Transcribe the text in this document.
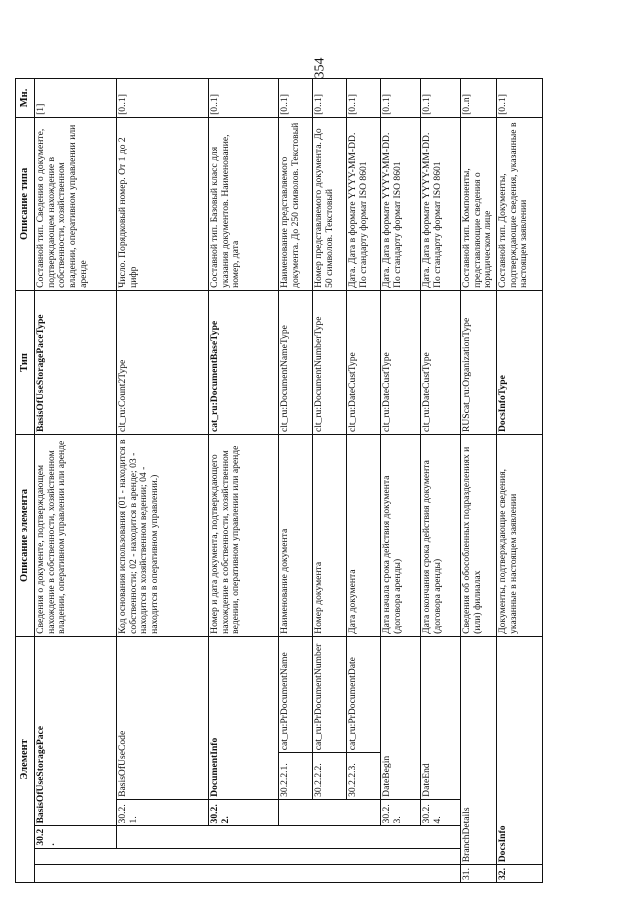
354
Элемент						Описание элемента	Тип	Описание типа	Мн.
		30.2.	BasisOfUseStoragePace			Сведения о документе, подтверждающем нахождение в собственности, хозяйственном владении, оперативном управлении или аренде	BasisOfUseStoragePaceType	Составной тип. Сведения о документе, подтверждающем нахождение в собственности, хозяйственном владении, оперативном управлении или аренде	[1]
			30.2.1.	BasisOfUseCode		Код основания использования (01 - находится в собственности; 02 - находится в аренде; 03 - находится в хозяйственном ведении; 04 - находится в оперативном управлении.)	clt_ru:Count2Type	Число. Порядковый номер. От 1 до 2 цифр	[0..1]
			30.2.2.	DocumentInfo		Номер и дата документа, подтверждающего нахождение в собственности, хозяйственном ведении, оперативном управлении или аренде	cat_ru:DocumentBaseType	Составной тип. Базовый класс для указания документов. Наименование, номер, дата	[0..1]
				30.2.2.1.	cat_ru:PrDocumentName	Наименование документа	clt_ru:DocumentNameType	Наименование представляемого документа. До 250 символов. Текстовый	[0..1]
				30.2.2.2.	cat_ru:PrDocumentNumber	Номер документа	clt_ru:DocumentNumberType	Номер представляемого документа. До 50 символов. Текстовый	[0..1]
				30.2.2.3.	cat_ru:PrDocumentDate	Дата документа	clt_ru:DateCustType	Дата. Дата в формате YYYY-MM-DD. По стандарту формат ISO 8601	[0..1]
			30.2.3.	DateBegin		Дата начала срока действия документа (договора аренды)	clt_ru:DateCustType	Дата. Дата в формате YYYY-MM-DD. По стандарту формат ISO 8601	[0..1]
			30.2.4.	DateEnd		Дата окончания срока действия документа (договора аренды)	clt_ru:DateCustType	Дата. Дата в формате YYYY-MM-DD. По стандарту формат ISO 8601	[0..1]
31.	BranchDetails					Сведения об обособленных подразделениях и (или) филиалах	RUScat_ru:OrganizationType	Составной тип. Компоненты, представляющие сведения о юридическом лице	[0..n]
32.	DocsInfo					Документы, подтверждающие сведения, указанные в настоящем заявлении	DocsInfoType	Составной тип. Документы, подтверждающие сведения, указанные в настоящем заявлении	[0..1]
